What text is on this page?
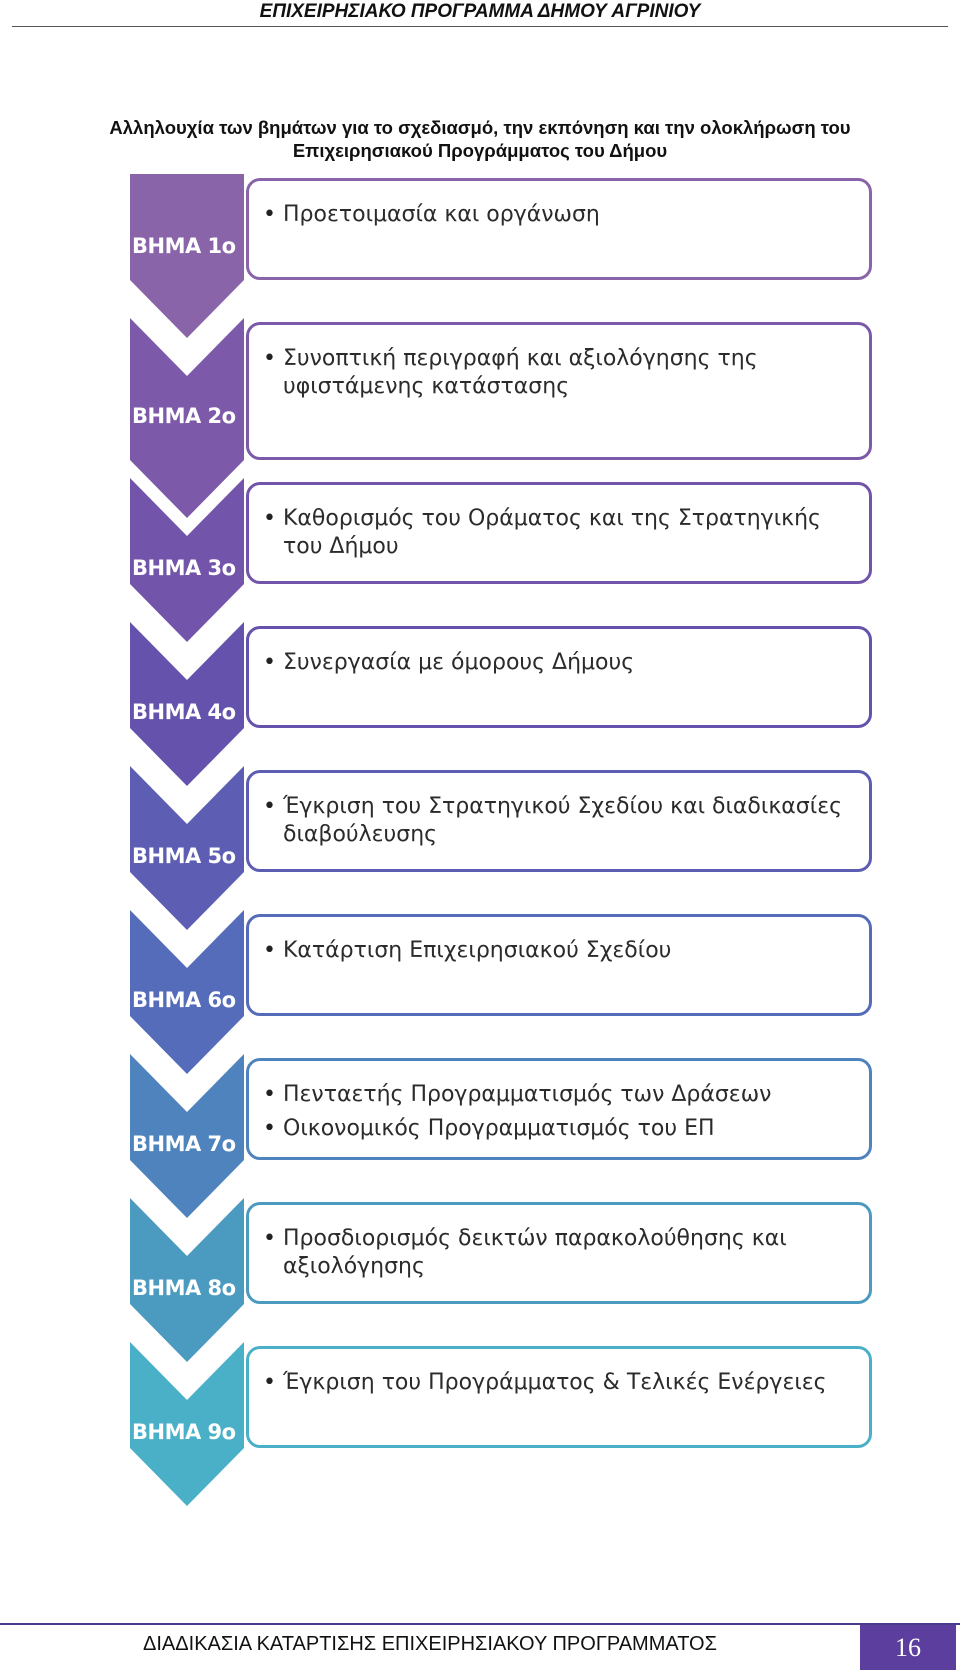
ΕΠΙΧΕΙΡΗΣΙΑΚΟ ΠΡΟΓΡΑΜΜΑ ΔΗΜΟΥ ΑΓΡΙΝΙΟΥ
Αλληλουχία των βημάτων για το σχεδιασμό, την εκπόνηση και την ολοκλήρωση του
Επιχειρησιακού Προγράμματος του Δήμου
ΒΗΜΑ 1ο
• Προετοιμασία και οργάνωση
ΒΗΜΑ 2ο
• Συνοπτική περιγραφή και αξιολόγησης της υφιστάμενης κατάστασης
ΒΗΜΑ 3ο
• Καθορισμός του Οράματος και της Στρατηγικής του Δήμου
ΒΗΜΑ 4ο
• Συνεργασία με όμορους Δήμους
ΒΗΜΑ 5ο
• Έγκριση του Στρατηγικού Σχεδίου και διαδικασίες διαβούλευσης
ΒΗΜΑ 6ο
• Κατάρτιση Επιχειρησιακού Σχεδίου
ΒΗΜΑ 7ο
• Πενταετής Προγραμματισμός των Δράσεων
• Οικονομικός Προγραμματισμός του ΕΠ
ΒΗΜΑ 8ο
• Προσδιορισμός δεικτών παρακολούθησης και αξιολόγησης
ΒΗΜΑ 9ο
• Έγκριση του Προγράμματος & Τελικές Ενέργειες
ΔΙΑΔΙΚΑΣΙΑ ΚΑΤΑΡΤΙΣΗΣ ΕΠΙΧΕΙΡΗΣΙΑΚΟΥ ΠΡΟΓΡΑΜΜΑΤΟΣ	16
